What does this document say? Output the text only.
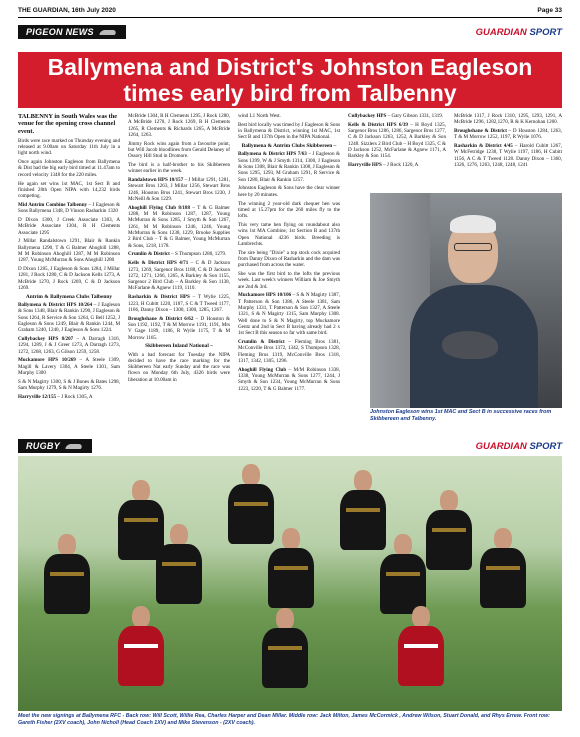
THE GUARDIAN, 16th July 2020	Page 33
PIGEON NEWS	GUARDIAN SPORT
Ballymena and District's Johnston Eagleson times early bird from Talbenny

TALBENNY in South Wales was the venue for the opening cross channel event.

Birds were race marked on Thursday evening and released at 9.00am on Saturday 11th July in a light north wind.

Once again Johnston Eagleson from Ballymena & Dist had the big early bird timed at 11.47am to record velocity 1348 for the 220 miles.

He again set wins 1st MAC, 1st Sect B and finished 28th Open NIPA with 14,232 birds competing.

Mid Antrim Combine Talbenny – J Eagleson & Sons Ballymena 1348, D Vinson Rasharkin 1320

D Dixon 1300, J Creek Associate 1303, A McBride Associate 1304, R H Clements Associate 1295

J Millar Randalstown 1291, Blair & Rankin Ballymena 1290, T & G Balmer Ahoghill 1288, M M Robinson Ahoghill 1287, M M Robinson 1287, Young McMurran & Sons Ahoghill 1280

D Dixon 1285, J Eagleson & Sons 1284, J Millar 1281, J Rock 1280, C & D Jackson Kells 1273, A McBride 1270, J Rock 1269, C & D Jackson 1269.

Antrim & Ballymena Clubs Talbenny

Ballymena & District HPS 10/264 – J Eagleson & Sons 1348, Blair & Rankin 1290, J Eagleson & Sons 1264, R Service & Son 1264, G Bell 1252, J Eagleson & Sons 1249, Blair & Rankin 1244, M Graham 1240, 1240, J Eagleson & Sons 1224.

Cullybackey HPS 8/207 – A Darragh 1316, 1294, 1289, J & J Greer 1273, A Darragh 1273, 1272, 1268, 1263, G Gilson 1259, 1258.

Muckamore HPS 10/269 – A Steele 1309, Magill & Lavery 1304, A Steele 1301, Sam Murphy 1300

S & N Magirty 1300, S & J Bones & Bates 1298, Sam Murphy 1279, S & N Magirty 1276.

Harryville 12/155 – J Rock 1305, A

McBride 1304, R H Clements 1295, J Rock 1280, A McBride 1270, J Rock 1269, R H Clements 1265, R Clements & Richards 1265, A McBride 1264, 1263.

Jimmy Rock wins again from a favourite point, but Will Jacob bloodlines from Gerald Delaney of Ossory Hill Stud in Dromore.

The bird is a half-brother to his Skibbereen winner earlier in the week.

Randalstown HPS 10/157 – J Millar 1291, 1281, Stewart Bros 1263, J Millar 1256, Stewart Bros 1246, Houston Bros 1241, Stewart Bros 1230, J McNeill & Son 1229.

Ahoghill Flying Club 8/188 – T & G Balmer 1288, M M Robinson 1287, 1287, Young McMurran & Sons 1285, J Smyth & Son 1267, 1261, M M Robinson 1246, 1246, Young McMurran & Sons 1238, 1229, Brooke Supplies 2 Bird Club – T & G Balmer, Young McMurran & Sons, 1218, 1178.

Crumlin & District – S Thompson 1280, 1279.

Kells & District HPS 4/71 – C & D Jackson 1273, 1269, Sargenor Bros 1188, C & D Jackson 1272, 1271, 1266, 1265, A Barkley & Son 1155, Sargenor 2 Bird Club – A Barkley & Son 1138, McFarlane & Agnew 1119, 1110.

Rasharkin & District HPS – T Wylie 1225, 1223, H Cubitt 1220, 1187, S C & T Tweed 1177, 1166, Danny Dixon – 1300, 1300, 1285, 1267.

Broughshane & District 6/62 – D Houston & Son 1192, 1192, T & M Morrow 1191, 1191, Mrs V Gage 1189, 1186, R Wylie 1175, T & M Morrow 1165.

Skibbereen Inland National –

With a bad forecast for Tuesday the NIPA decided to have the race marking for the Skibbereen Nat early Sunday and the race was flown on Monday 6th July, 4326 birds were liberation at 10.00am in

wind L1 North West.

Best bird locally was timed by J Eagleson & Sons in Ballymena & District, winning 1st MAC, 1st Sect B and 137th Open in the NIPA National.

Ballymena & Antrim Clubs Skibbereen –

Ballymena & District HPS 7/63 – J Eagleson & Sons 1399, W & J Smyth 1314, 1300, J Eagleson & Sons 1308, Blair & Rankin 1308, J Eagleson & Sons 1295, 1293, M Graham 1291, R Service & Son 1280, Blair & Rankin 1257.

Johnston Eagleson & Sons have the clear winner here by 20 minutes.

The winning 2 year-old dark chequer hen was timed at 15.27pm for the 260 miles fly to the lofts.

This very tame hen flying on roundabout also wins 1st MA Combine, 1st Section B and 137th Open National 4236 birds. Breeding is Lambrechts.

The sire being "Dixie" a top stock cock acquired from Danny Dixon of Rasharkin and the dam was purchased from across the water.

She was the first bird to the lofts the previous week. Last week's winners William & Joe Smyth are 2nd & 3rd.

Muckamore HPS 10/106 – S & N Magirty 1387, T Patterson & Son 1386, A Steele 1381, Sam Murphy 1331, T Patterson & Son 1327, A Steele 1321, S & N Magirty 1315, Sam Murphy 1308. Well done to S & N Magirty, top Muckamore Gentz and 2nd in Sect B having already had 2 x 1st Sect B this season so far with same bird.

Crumlin & District – Fleming Bros 1381, McConville Bros 1372, 1342, S Thompson 1328, Fleming Bros 1319, McConville Bros 1318, 1317, 1342, 1305, 1296.

Ahoghill Flying Club – M/M Robinson 1338, 1338, Young McMurran & Sons 1277, 1244, J Smyth & Son 1234, Young McMurran & Sons 1223, 1220, T & G Balmer 1177.

Cullybackey HPS – Gary Gibson 1331, 1319.

Kells & District HPS 6/39 – H Boyd 1325, Sargenor Bros 1286, 1286, Sargenor Bros 1277, C & D Jackson 1263, 1252, A Barkley & Son 1248. Sizzlers 2 Bird Club – H Boyd 1325, C & D Jackson 1252, McFarlane & Agnew 1171, A Barkley & Son 1154.

Harryville HPS – J Rock 1320, A

McBride 1317, J Rock 1310, 1295, 1293, 1291, A McBride 1296, 1282,1270, R & K Kernohan 1260.

Broughshane & District – D Houston 1284, 1263, T & M Morrow 1252, 1197, R Wylie 1076.

Rasharkin & District 4/45 – Harold Cubitt 1267, W McFetridge 1238, T Wylie 1197, 1186, H Cubitt 1156, A C & T Tweed 1128. Danny Dixon – 1360, 1326, 1276, 1263, 1248, 1248, 1241

Johnston Eagleson wins 1st MAC and Sect B in successive races from Skibbereen and Talbenny.
RUGBY	GUARDIAN SPORT
Meet the new signings at Ballymena RFC - Back row: Will Scott, Willie Rea, Charles Harper and Dean Millar. Middle row: Jack Milton, James McCormick , Andrew Wilson, Stuart Donald, and Rhys Errew. Front row: Gareth Fisher (2XV coach), John Nicholl (Head Coach 1XV) and Mike Stevenson - (2XV coach).
